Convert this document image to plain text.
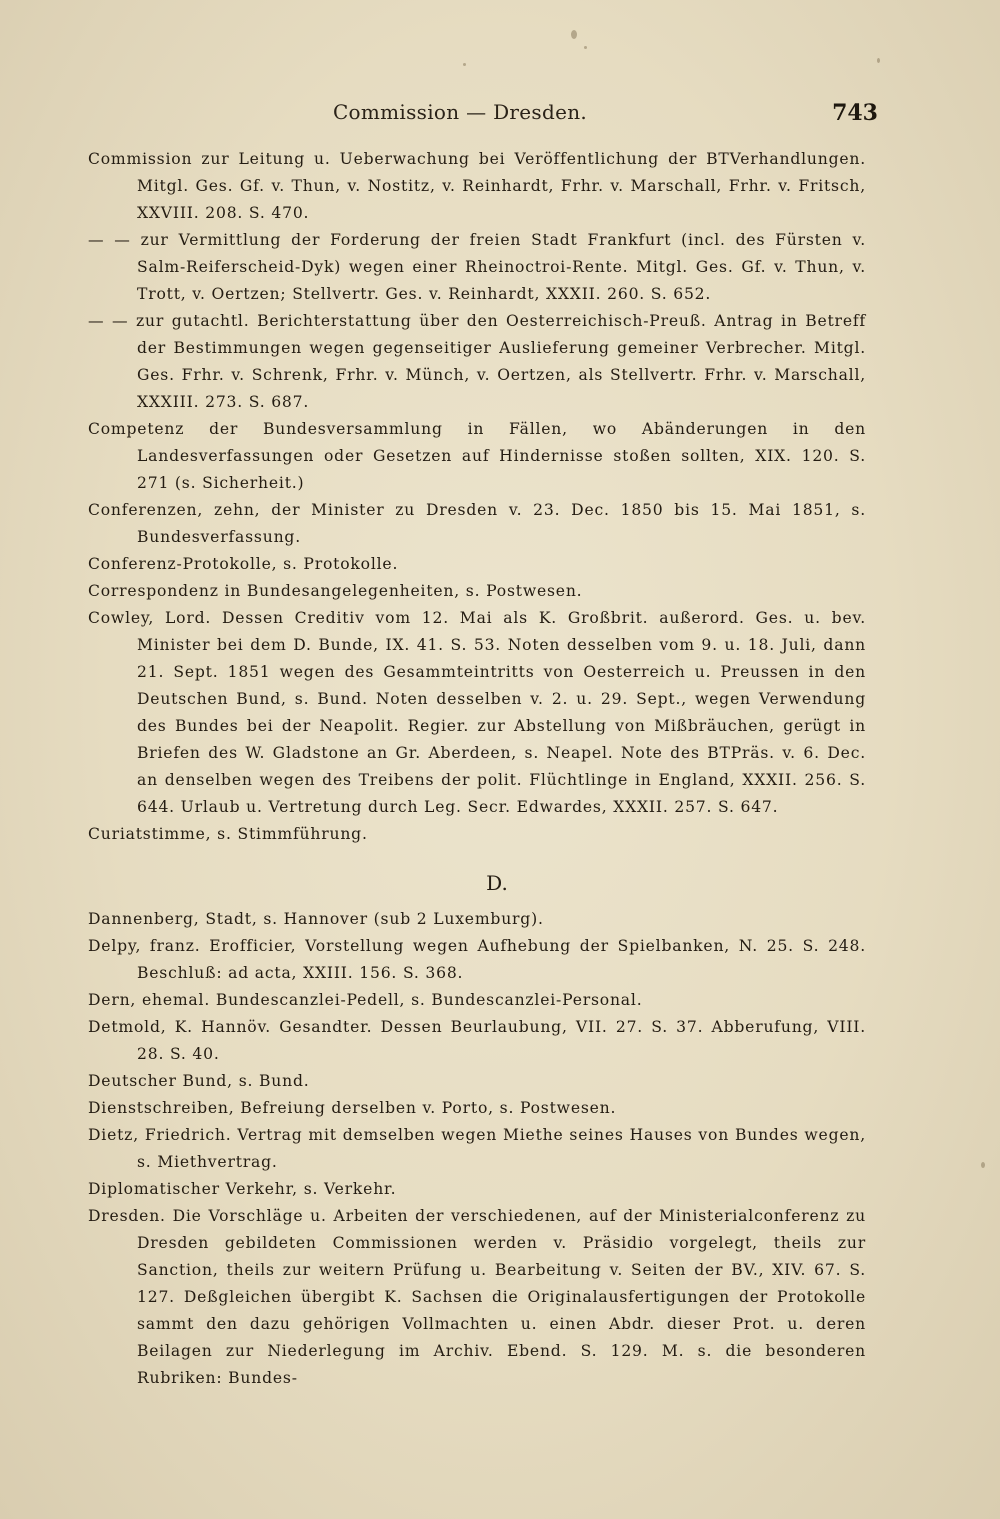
Commission — Dresden.	743

Commission zur Leitung u. Ueberwachung bei Veröffentlichung der BTVerhandlungen. Mitgl. Ges. Gf. v. Thun, v. Nostitz, v. Reinhardt, Frhr. v. Marschall, Frhr. v. Fritsch, XXVIII. 208. S. 470.

— — zur Vermittlung der Forderung der freien Stadt Frankfurt (incl. des Fürsten v. Salm-Reiferscheid-Dyk) wegen einer Rheinoctroi-Rente. Mitgl. Ges. Gf. v. Thun, v. Trott, v. Oertzen; Stellvertr. Ges. v. Reinhardt, XXXII. 260. S. 652.

— — zur gutachtl. Berichterstattung über den Oesterreichisch-Preuß. Antrag in Betreff der Bestimmungen wegen gegenseitiger Auslieferung gemeiner Verbrecher. Mitgl. Ges. Frhr. v. Schrenk, Frhr. v. Münch, v. Oertzen, als Stellvertr. Frhr. v. Marschall, XXXIII. 273. S. 687.

Competenz der Bundesversammlung in Fällen, wo Abänderungen in den Landesverfassungen oder Gesetzen auf Hindernisse stoßen sollten, XIX. 120. S. 271 (s. Sicherheit.)

Conferenzen, zehn, der Minister zu Dresden v. 23. Dec. 1850 bis 15. Mai 1851, s. Bundesverfassung.

Conferenz-Protokolle, s. Protokolle.

Correspondenz in Bundesangelegenheiten, s. Postwesen.

Cowley, Lord. Dessen Creditiv vom 12. Mai als K. Großbrit. außerord. Ges. u. bev. Minister bei dem D. Bunde, IX. 41. S. 53. Noten desselben vom 9. u. 18. Juli, dann 21. Sept. 1851 wegen des Gesammteintritts von Oesterreich u. Preussen in den Deutschen Bund, s. Bund. Noten desselben v. 2. u. 29. Sept., wegen Verwendung des Bundes bei der Neapolit. Regier. zur Abstellung von Mißbräuchen, gerügt in Briefen des W. Gladstone an Gr. Aberdeen, s. Neapel. Note des BTPräs. v. 6. Dec. an denselben wegen des Treibens der polit. Flüchtlinge in England, XXXII. 256. S. 644. Urlaub u. Vertretung durch Leg. Secr. Edwardes, XXXII. 257. S. 647.

Curiatstimme, s. Stimmführung.

D.

Dannenberg, Stadt, s. Hannover (sub 2 Luxemburg).

Delpy, franz. Erofficier, Vorstellung wegen Aufhebung der Spielbanken, N. 25. S. 248. Beschluß: ad acta, XXIII. 156. S. 368.

Dern, ehemal. Bundescanzlei-Pedell, s. Bundescanzlei-Personal.

Detmold, K. Hannöv. Gesandter. Dessen Beurlaubung, VII. 27. S. 37. Abberufung, VIII. 28. S. 40.

Deutscher Bund, s. Bund.

Dienstschreiben, Befreiung derselben v. Porto, s. Postwesen.

Dietz, Friedrich. Vertrag mit demselben wegen Miethe seines Hauses von Bundes wegen, s. Miethvertrag.

Diplomatischer Verkehr, s. Verkehr.

Dresden. Die Vorschläge u. Arbeiten der verschiedenen, auf der Ministerialconferenz zu Dresden gebildeten Commissionen werden v. Präsidio vorgelegt, theils zur Sanction, theils zur weitern Prüfung u. Bearbeitung v. Seiten der BV., XIV. 67. S. 127. Deßgleichen übergibt K. Sachsen die Originalausfertigungen der Protokolle sammt den dazu gehörigen Vollmachten u. einen Abdr. dieser Prot. u. deren Beilagen zur Niederlegung im Archiv. Ebend. S. 129. M. s. die besonderen Rubriken: Bundes-
